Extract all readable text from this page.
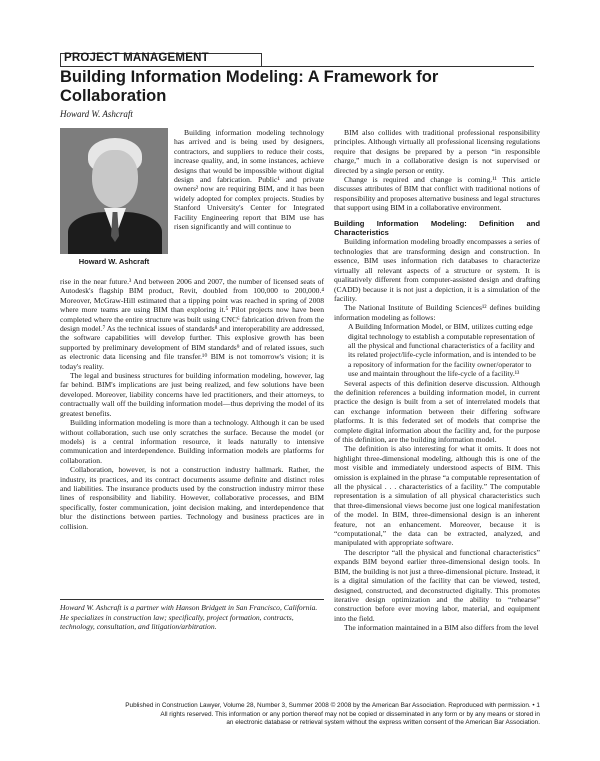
PROJECT MANAGEMENT
Building Information Modeling: A Framework for Collaboration
Howard W. Ashcraft
Howard W. Ashcraft

Building information modeling technology has arrived and is being used by designers, contractors, and suppliers to reduce their costs, increase quality, and, in some instances, achieve designs that would be impossible without digital design and fabrication. Public¹ and private owners² now are requiring BIM, and it has been widely adopted for complex projects. Studies by Stanford University's Center for Integrated Facility Engineering report that BIM use has risen significantly and will continue to

rise in the near future.³ And between 2006 and 2007, the number of licensed seats of Autodesk's flagship BIM product, Revit, doubled from 100,000 to 200,000.⁴ Moreover, McGraw-Hill estimated that a tipping point was reached in spring of 2008 where more teams are using BIM than exploring it.⁵ Pilot projects now have been completed where the entire structure was built using CNC⁶ fabrication driven from the design model.⁷ As the technical issues of standards⁸ and interoperability are addressed, the software capabilities will develop further. This explosive growth has been supported by preliminary development of BIM standards⁹ and of related issues, such as electronic data licensing and file transfer.¹⁰ BIM is not tomorrow's vision; it is today's reality.

The legal and business structures for building information modeling, however, lag far behind. BIM's implications are just being realized, and few solutions have been developed. Moreover, liability concerns have led practitioners, and their attorneys, to contractually wall off the building information model—thus depriving the model of its greatest benefits.

Building information modeling is more than a technology. Although it can be used without collaboration, such use only scratches the surface. Because the model (or models) is a central information resource, it leads naturally to intensive communication and interdependence. Building information models are platforms for collaboration.

Collaboration, however, is not a construction industry hallmark. Rather, the industry, its practices, and its contract documents assume definite and distinct roles and liabilities. The insurance products used by the construction industry mirror these lines of responsibility and liability. However, collaborative processes, and BIM specifically, foster communication, joint decision making, and interdependence that blur the distinctions between parties. Technology and business practices are in collision.

Howard W. Ashcraft is a partner with Hanson Bridgett in San Francisco, California. He specializes in construction law; specifically, project formation, contracts, technology, consultation, and litigation/arbitration.

BIM also collides with traditional professional responsibility principles. Although virtually all professional licensing regulations require that designs be prepared by a person “in responsible charge,” much in a collaborative design is not supervised or directed by a single person or entity.

Change is required and change is coming.¹¹ This article discusses attributes of BIM that conflict with traditional notions of responsibility and proposes alternative business and legal structures that support using BIM in a collaborative environment.

Building Information Modeling: Definition and Characteristics

Building information modeling broadly encompasses a series of technologies that are transforming design and construction. In essence, BIM uses information rich databases to characterize virtually all relevant aspects of a structure or system. It is qualitatively different from computer-assisted design and drafting (CADD) because it is not just a depiction, it is a simulation of the facility.

The National Institute of Building Sciences¹² defines building information modeling as follows:

A Building Information Model, or BIM, utilizes cutting edge digital technology to establish a computable representation of all the physical and functional characteristics of a facility and its related project/life-cycle information, and is intended to be a repository of information for the facility owner/operator to use and maintain throughout the life-cycle of a facility.¹³

Several aspects of this definition deserve discussion. Although the definition references a building information model, in current practice the design is built from a set of interrelated models that can exchange information between their differing software platforms. It is this federated set of models that comprise the complete digital information about the facility and, for the purpose of this definition, are the building information model.

The definition is also interesting for what it omits. It does not highlight three-dimensional modeling, although this is one of the most visible and immediately understood aspects of BIM. This omission is explained in the phrase “a computable representation of all the physical . . . characteristics of a facility.” The computable representation is a simulation of all physical characteristics such that three-dimensional views become just one logical manifestation of the model. In BIM, three-dimensional design is an inherent feature, not an enhancement. Moreover, because it is “computational,” the data can be extracted, analyzed, and manipulated with appropriate software.

The descriptor “all the physical and functional characteristics” expands BIM beyond earlier three-dimensional design tools. In BIM, the building is not just a three-dimensional picture. Instead, it is a digital simulation of the facility that can be viewed, tested, designed, constructed, and deconstructed digitally. This promotes iterative design optimization and the ability to “rehearse” construction before ever moving labor, material, and equipment into the field.

The information maintained in a BIM also differs from the level

Published in Construction Lawyer, Volume 28, Number 3, Summer 2008 © 2008 by the American Bar Association. Reproduced with permission. • 1
All rights reserved. This information or any portion thereof may not be copied or disseminated in any form or by any means or stored in
an electronic database or retrieval system without the express written consent of the American Bar Association.
